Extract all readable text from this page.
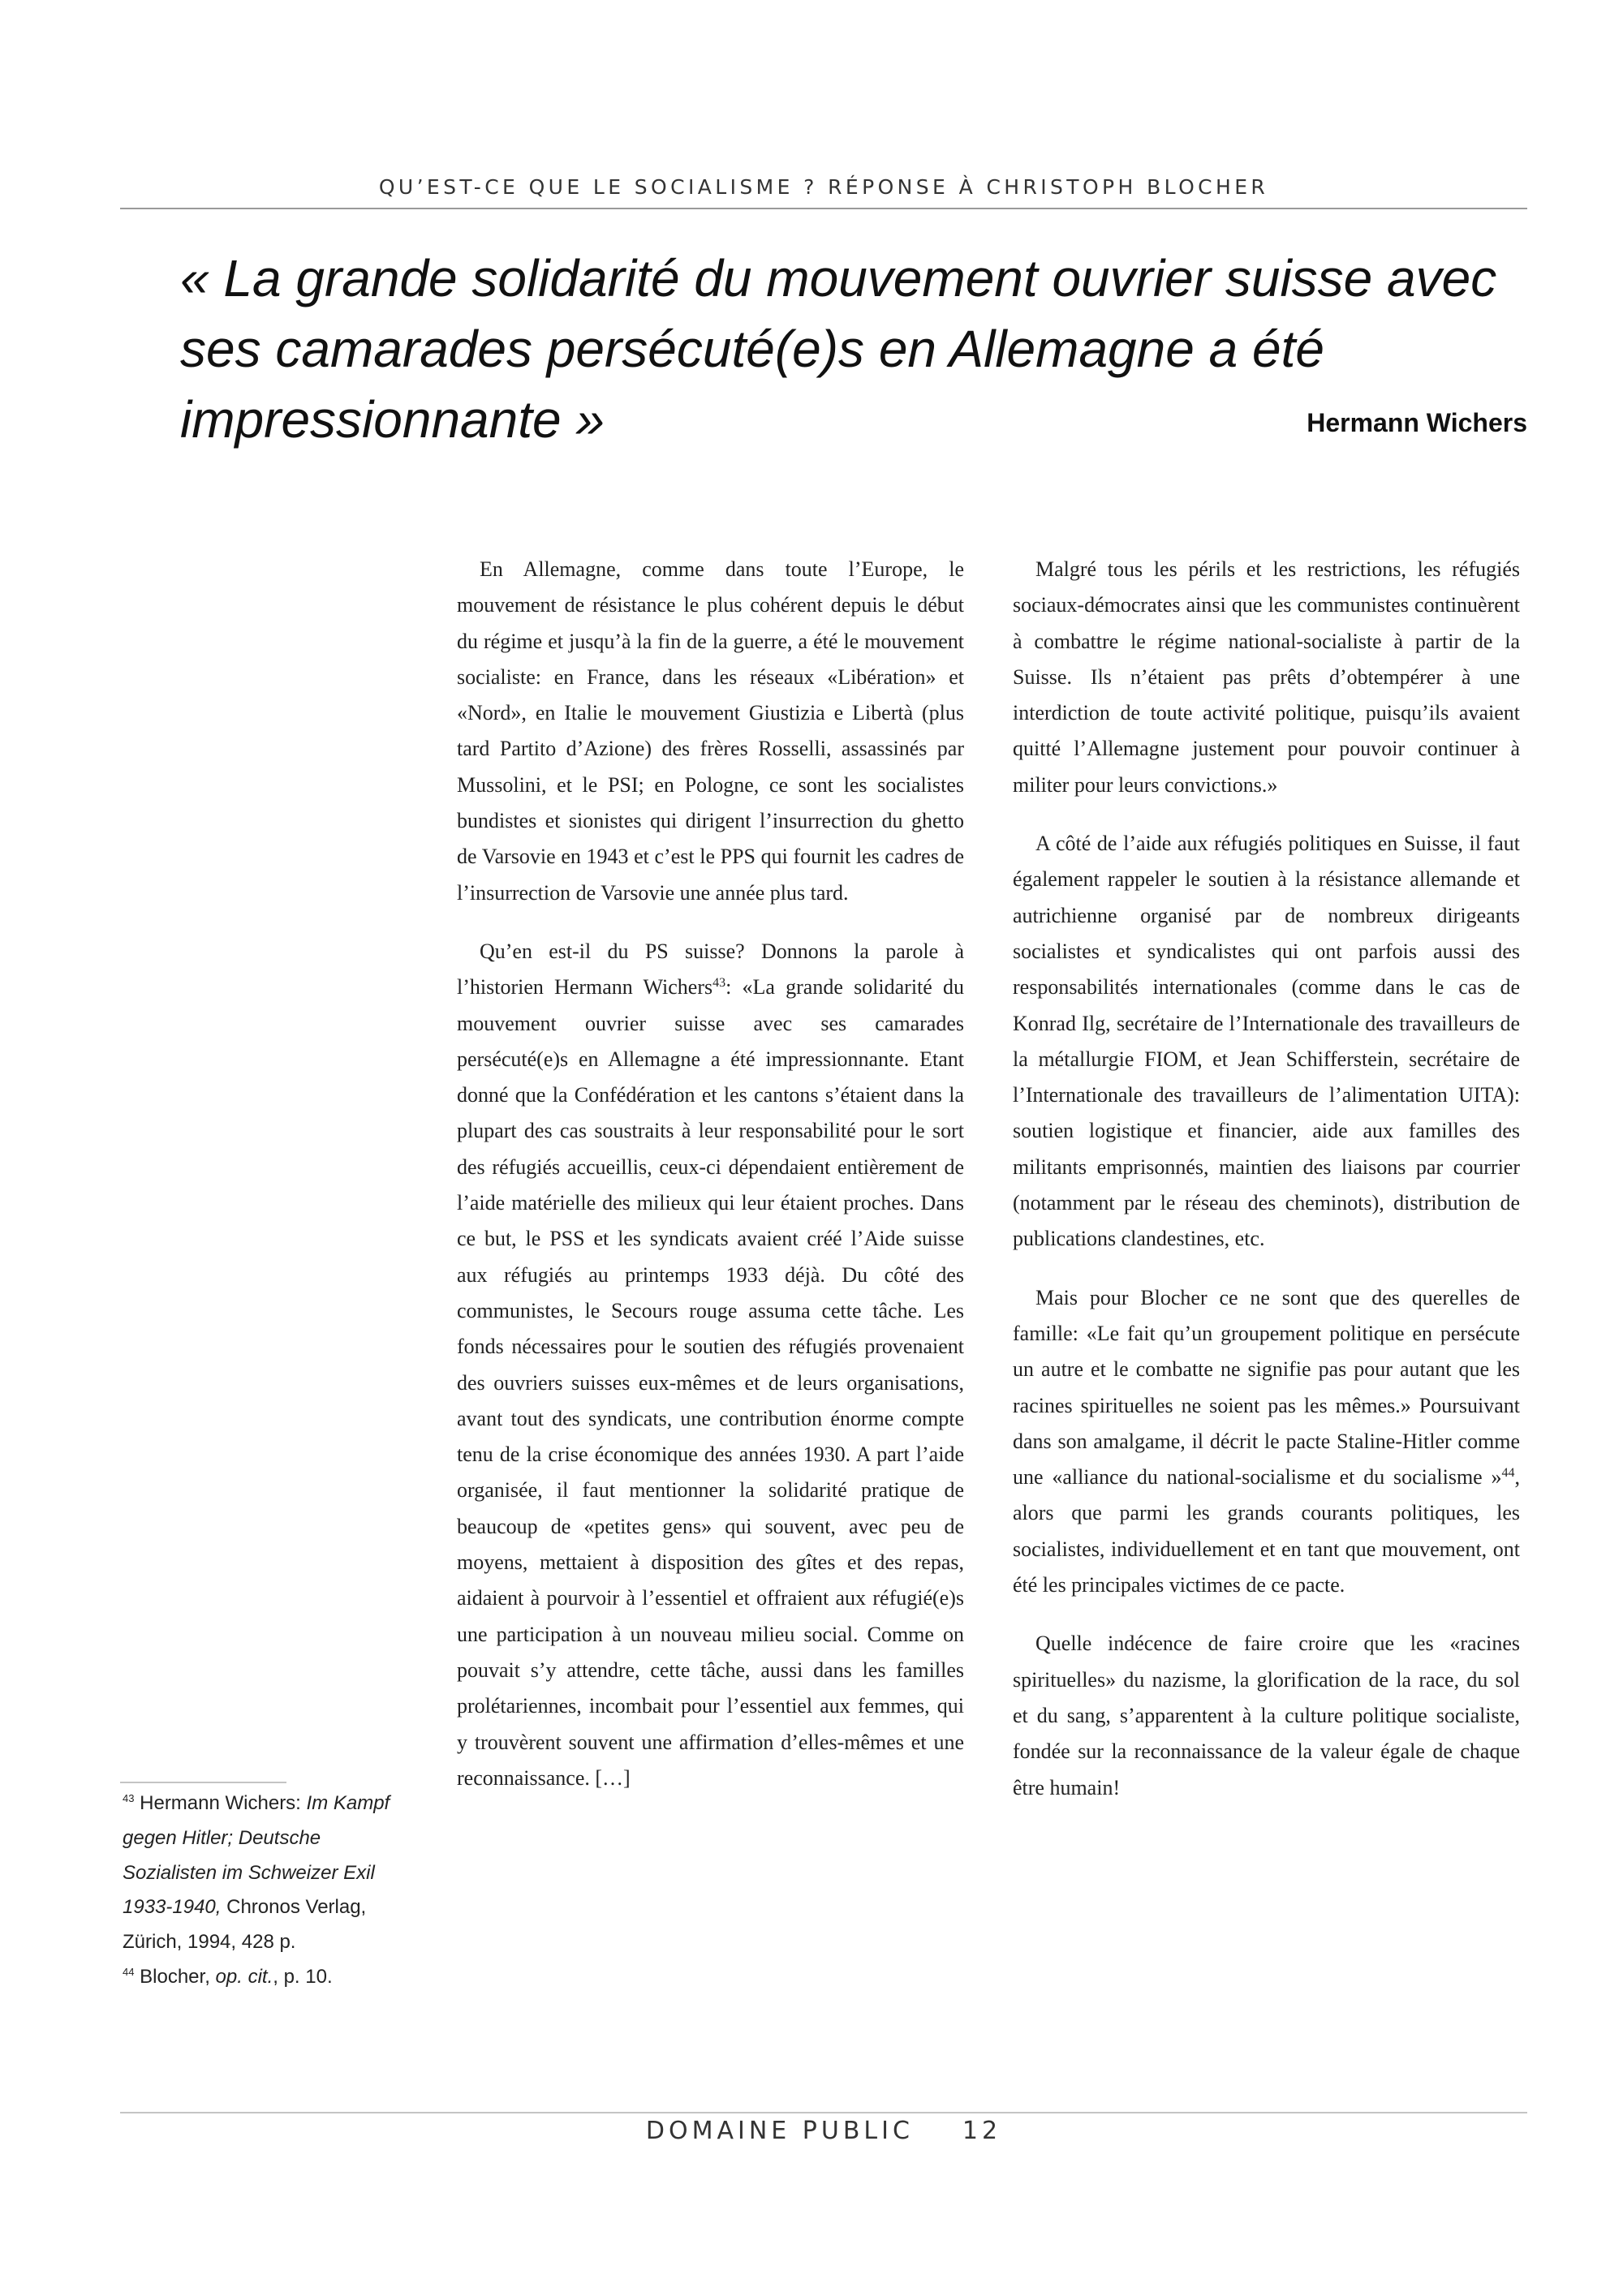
QU’EST-CE QUE LE SOCIALISME ? RÉPONSE À CHRISTOPH BLOCHER
« La grande solidarité du mouvement ouvrier suisse avec
ses camarades persécuté(e)s en Allemagne a été
impressionnante »	Hermann Wichers

En Allemagne, comme dans toute l’Europe, le mouvement de résistance le plus cohérent depuis le début du régime et jusqu’à la fin de la guerre, a été le mouvement socialiste: en France, dans les réseaux «Libération» et «Nord», en Italie le mouvement Giustizia e Libertà (plus tard Partito d’Azione) des frères Rosselli, assassinés par Mussolini, et le PSI; en Pologne, ce sont les socialistes bundistes et sionistes qui dirigent l’insurrection du ghetto de Varsovie en 1943 et c’est le PPS qui fournit les cadres de l’insurrection de Varsovie une année plus tard.

Qu’en est-il du PS suisse? Donnons la parole à l’historien Hermann Wichers$^{43}$: «La grande solidarité du mouvement ouvrier suisse avec ses camarades persécuté(e)s en Allemagne a été impressionnante. Etant donné que la Confédération et les cantons s’étaient dans la plupart des cas soustraits à leur responsabilité pour le sort des réfugiés accueillis, ceux-ci dépendaient entièrement de l’aide matérielle des milieux qui leur étaient proches. Dans ce but, le PSS et les syndicats avaient créé l’Aide suisse aux réfugiés au printemps 1933 déjà. Du côté des communistes, le Secours rouge assuma cette tâche. Les fonds nécessaires pour le soutien des réfugiés provenaient des ouvriers suisses eux-mêmes et de leurs organisations, avant tout des syndicats, une contribution énorme compte tenu de la crise économique des années 1930. A part l’aide organisée, il faut mentionner la solidarité pratique de beaucoup de «petites gens» qui souvent, avec peu de moyens, mettaient à disposition des gîtes et des repas, aidaient à pourvoir à l’essentiel et offraient aux réfugié(e)s une participation à un nouveau milieu social. Comme on pouvait s’y attendre, cette tâche, aussi dans les familles prolétariennes, incombait pour l’essentiel aux femmes, qui y trouvèrent souvent une affirmation d’elles-mêmes et une reconnaissance. […]

Malgré tous les périls et les restrictions, les réfugiés sociaux-démocrates ainsi que les communistes continuèrent à combattre le régime national-socialiste à partir de la Suisse. Ils n’étaient pas prêts d’obtempérer à une interdiction de toute activité politique, puisqu’ils avaient quitté l’Allemagne justement pour pouvoir continuer à militer pour leurs convictions.»

A côté de l’aide aux réfugiés politiques en Suisse, il faut également rappeler le soutien à la résistance allemande et autrichienne organisé par de nombreux dirigeants socialistes et syndicalistes qui ont parfois aussi des responsabilités internationales (comme dans le cas de Konrad Ilg, secrétaire de l’Internationale des travailleurs de la métallurgie FIOM, et Jean Schifferstein, secrétaire de l’Internationale des travailleurs de l’alimentation UITA): soutien logistique et financier, aide aux familles des militants emprisonnés, maintien des liaisons par courrier (notamment par le réseau des cheminots), distribution de publications clandestines, etc.

Mais pour Blocher ce ne sont que des querelles de famille: «Le fait qu’un groupement politique en persécute un autre et le combatte ne signifie pas pour autant que les racines spirituelles ne soient pas les mêmes.» Poursuivant dans son amalgame, il décrit le pacte Staline-Hitler comme une «alliance du national-socialisme et du socialisme »$^{44}$, alors que parmi les grands courants politiques, les socialistes, individuellement et en tant que mouvement, ont été les principales victimes de ce pacte.

Quelle indécence de faire croire que les «racines spirituelles» du nazisme, la glorification de la race, du sol et du sang, s’apparentent à la culture politique socialiste, fondée sur la reconnaissance de la valeur égale de chaque être humain!

$^{43}$ Hermann Wichers: Im Kampf gegen Hitler; Deutsche Sozialisten im Schweizer Exil 1933-1940, Chronos Verlag, Zürich, 1994, 428 p.

$^{44}$ Blocher, op. cit., p. 10.

DOMAINE PUBLIC 12
